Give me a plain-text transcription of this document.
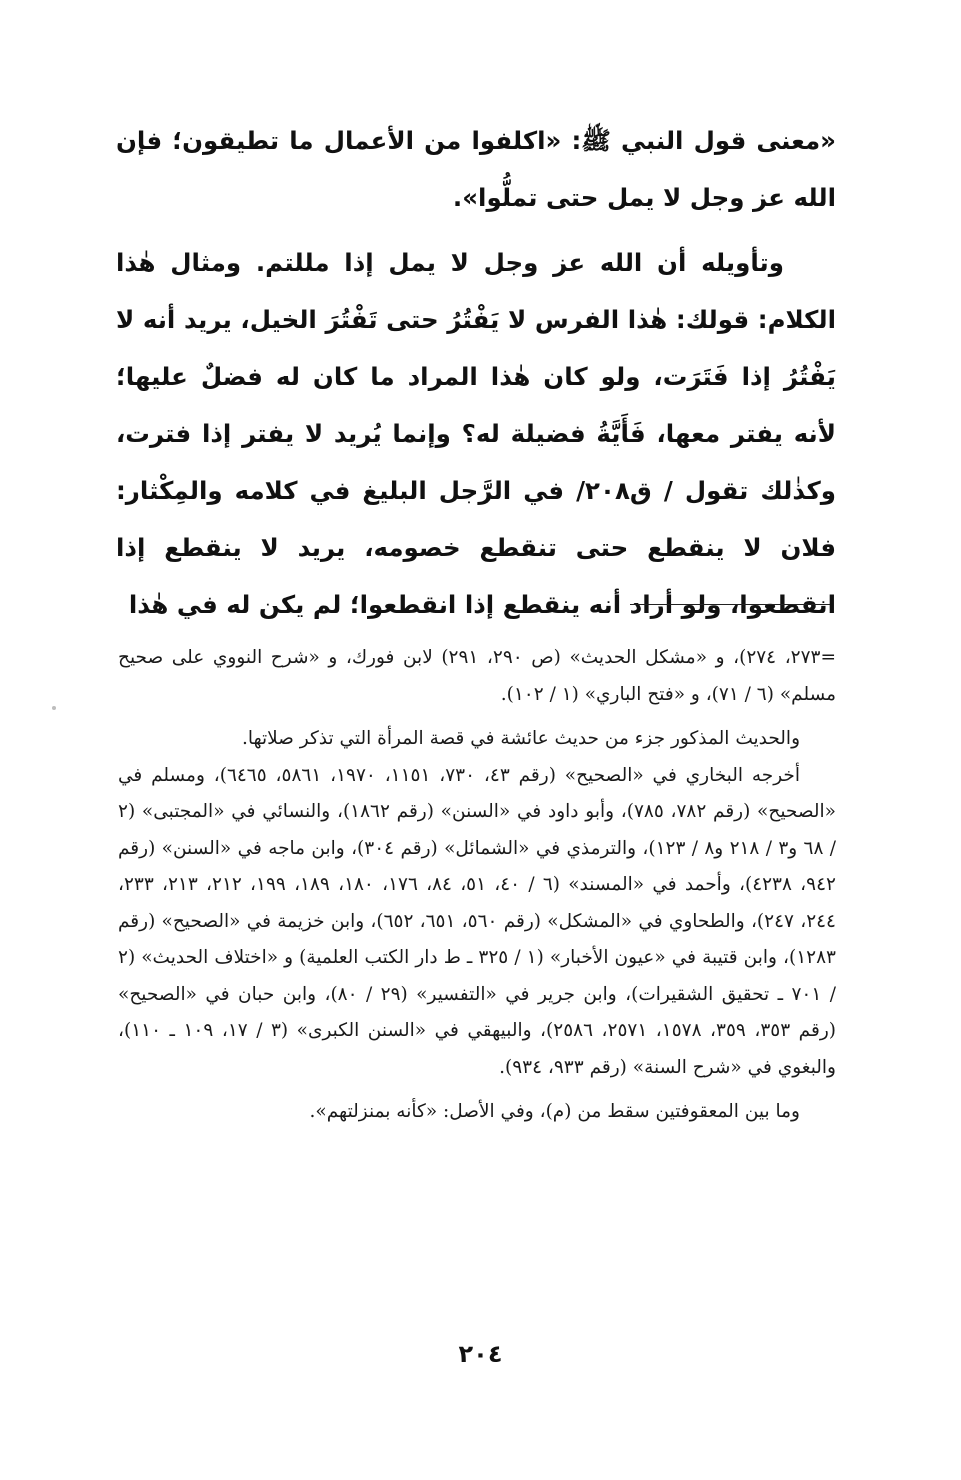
«معنى قول النبي ﷺ: «اكلفوا من الأعمال ما تطيقون؛ فإن الله عز وجل لا يمل حتى تملُّوا».

وتأويله أن الله عز وجل لا يمل إذا مللتم. ومثال هٰذا الكلام: قولك: هٰذا الفرس لا يَفْتُرُ حتى تَفْتُرَ الخيل، يريد أنه لا يَفْتُرُ إذا فَتَرَت، ولو كان هٰذا المراد ما كان له فضلٌ عليها؛ لأنه يفتر معها، فَأَيَّةُ فضيلة له؟ وإنما يُريد لا يفتر إذا فترت، وكذٰلك تقول / ق٢٠٨/ في الرَّجل البليغ في كلامه والمِكْثار: فلان لا ينقطع حتى تنقطع خصومه، يريد لا ينقطع إذا انقطعوا، ولو أراد أنه ينقطع إذا انقطعوا؛ لم يكن له في هٰذا

=٢٧٣، ٢٧٤)، و «مشكل الحديث» (ص ٢٩٠، ٢٩١) لابن فورك، و «شرح النووي على صحيح مسلم» (٦ / ٧١)، و «فتح الباري» (١ / ١٠٢).

والحديث المذكور جزء من حديث عائشة في قصة المرأة التي تذكر صلاتها.

أخرجه البخاري في «الصحيح» (رقم ٤٣، ٧٣٠، ١١٥١، ١٩٧٠، ٥٨٦١، ٦٤٦٥)، ومسلم في «الصحيح» (رقم ٧٨٢، ٧٨٥)، وأبو داود في «السنن» (رقم ١٨٦٢)، والنسائي في «المجتبى» (٢ / ٦٨ و٣ / ٢١٨ و٨ / ١٢٣)، والترمذي في «الشمائل» (رقم ٣٠٤)، وابن ماجه في «السنن» (رقم ٩٤٢، ٤٢٣٨)، وأحمد في «المسند» (٦ / ٤٠، ٥١، ٨٤، ١٧٦، ١٨٠، ١٨٩، ١٩٩، ٢١٢، ٢١٣، ٢٣٣، ٢٤٤، ٢٤٧)، والطحاوي في «المشكل» (رقم ٥٦٠، ٦٥١، ٦٥٢)، وابن خزيمة في «الصحيح» (رقم ١٢٨٣)، وابن قتيبة في «عيون الأخبار» (١ / ٣٢٥ ـ ط دار الكتب العلمية) و «اختلاف الحديث» (٢ / ٧٠١ ـ تحقيق الشقيرات)، وابن جرير في «التفسير» (٢٩ / ٨٠)، وابن حبان في «الصحيح» (رقم ٣٥٣، ٣٥٩، ١٥٧٨، ٢٥٧١، ٢٥٨٦)، والبيهقي في «السنن الكبرى» (٣ / ١٧، ١٠٩ ـ ١١٠)، والبغوي في «شرح السنة» (رقم ٩٣٣، ٩٣٤).

وما بين المعقوفتين سقط من (م)، وفي الأصل: «كأنه بمنزلتهم».

٢٠٤
